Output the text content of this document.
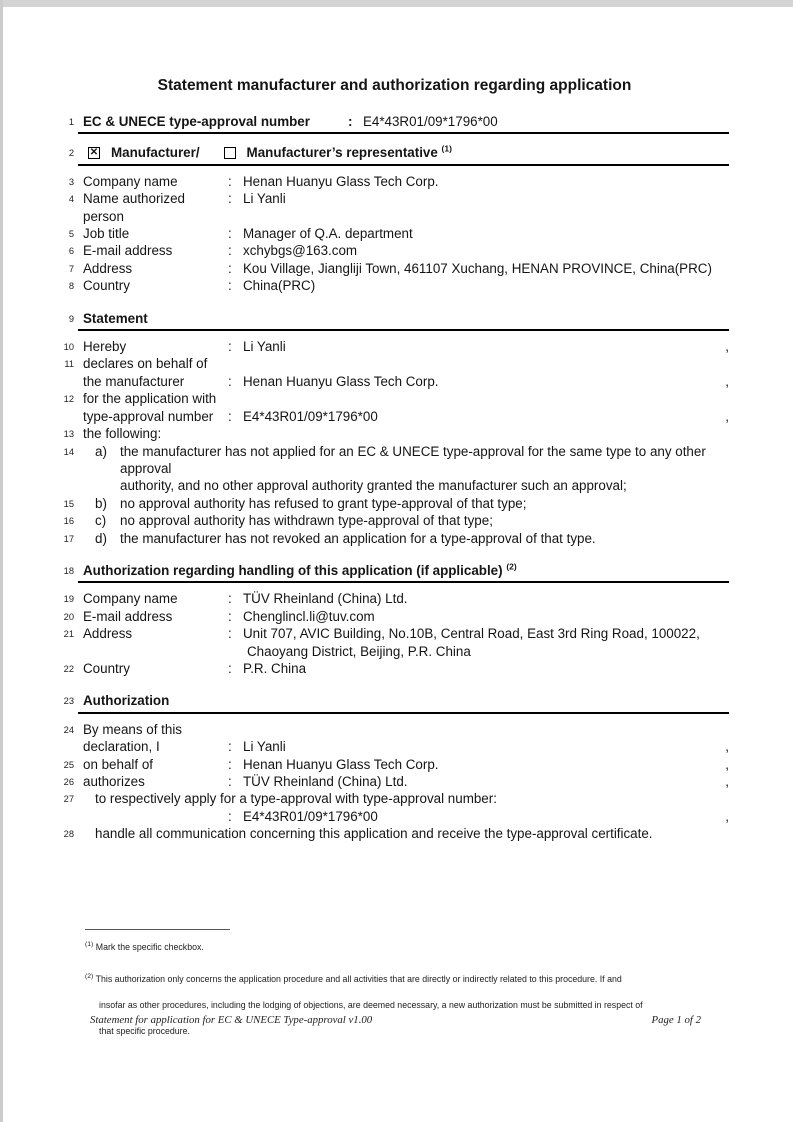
Statement manufacturer and authorization regarding application
1 EC & UNECE type-approval number	: E4*43R01/09*1796*00
2 ✕ Manufacturer/	Manufacturer’s representative $^{(1)}$
3 Company name	: Henan Huanyu Glass Tech Corp.
4 Name authorized person
: Li Yanli
5 Job title	: Manager of Q.A. department
6 E-mail address	: xchybgs@163.com
7 Address	: Kou Village, Jiangliji Town, 461107 Xuchang, HENAN PROVINCE, China(PRC)
8 Country	: China(PRC)
9 Statement
10 Hereby	: Li Yanli	,
11 declares on behalf of
the manufacturer	: Henan Huanyu Glass Tech Corp.	,
12 for the application with
type-approval number	: E4*43R01/09*1796*00	,
13 the following:
14 a) the manufacturer has not applied for an EC & UNECE type-approval for the same type to any other approval
authority, and no other approval authority granted the manufacturer such an approval;
15 b) no approval authority has refused to grant type-approval of that type;
16 c)	no approval authority has withdrawn type-approval of that type;
17 d) the manufacturer has not revoked an application for a type-approval of that type.
18 Authorization regarding handling of this application (if applicable) $^{(2)}$
19 Company name	: TÜV Rheinland (China) Ltd.
20 E-mail address	: Chenglincl.li@tuv.com
21 Address	: Unit 707, AVIC Building, No.10B, Central Road, East 3rd Ring Road, 100022,
Chaoyang District, Beijing, P.R. China
22 Country	: P.R. China
23 Authorization
24 By means of this
declaration, I	: Li Yanli	,
25 on behalf of	: Henan Huanyu Glass Tech Corp.	,
26 authorizes	: TÜV Rheinland (China) Ltd.	,
27 to respectively apply for a type-approval with type-approval number:
: E4*43R01/09*1796*00	,
28 handle all communication concerning this application and receive the type-approval certificate.
$^{(1)}$ Mark the specific checkbox.
$^{(2)}$ This authorization only concerns the application procedure and all activities that are directly or indirectly related to this procedure. If and
insofar as other procedures, including the lodging of objections, are deemed necessary, a new authorization must be submitted in respect of
that specific procedure.
Statement for application for EC & UNECE Type-approval v1.00	Page 1 of 2
